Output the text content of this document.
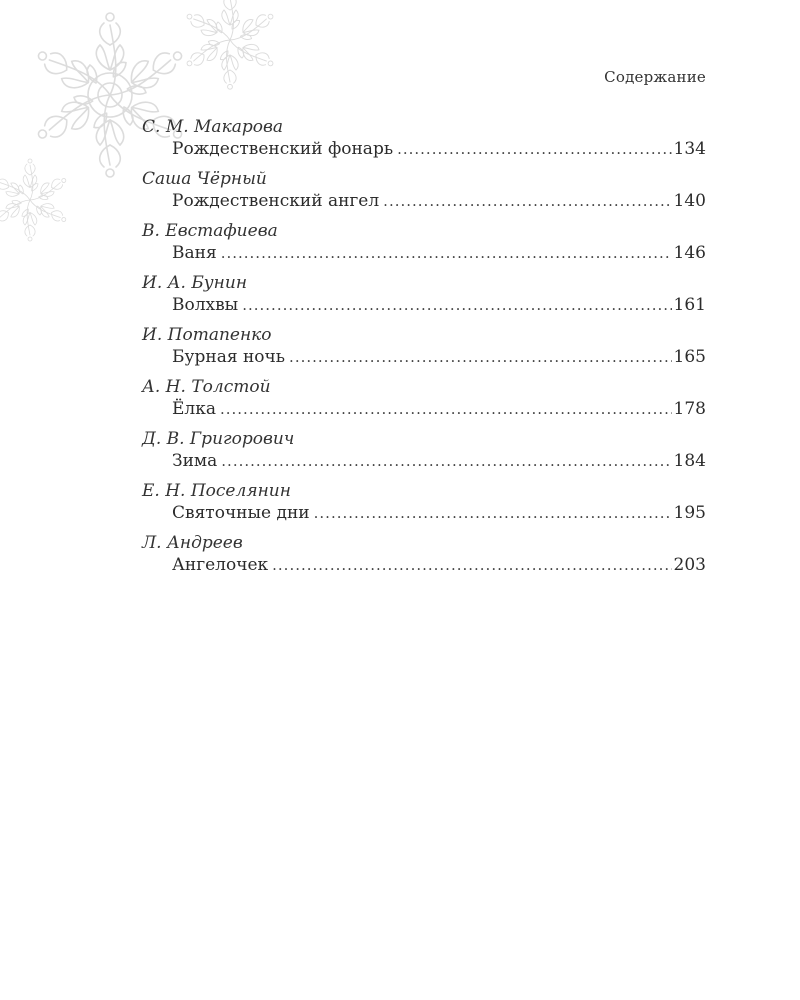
Содержание
С. М. Макарова
Рождественский фонарь .....	134
Саша Чёрный
Рождественский ангел .....	140
В. Евстафиева
Ваня .....	146
И. А. Бунин
Волхвы .....	161
И. Потапенко
Бурная ночь .....	165
А. Н. Толстой
Ёлка .....	178
Д. В. Григорович
Зима .....	184
Е. Н. Поселянин
Святочные дни .....	195
Л. Андреев
Ангелочек .....	203
